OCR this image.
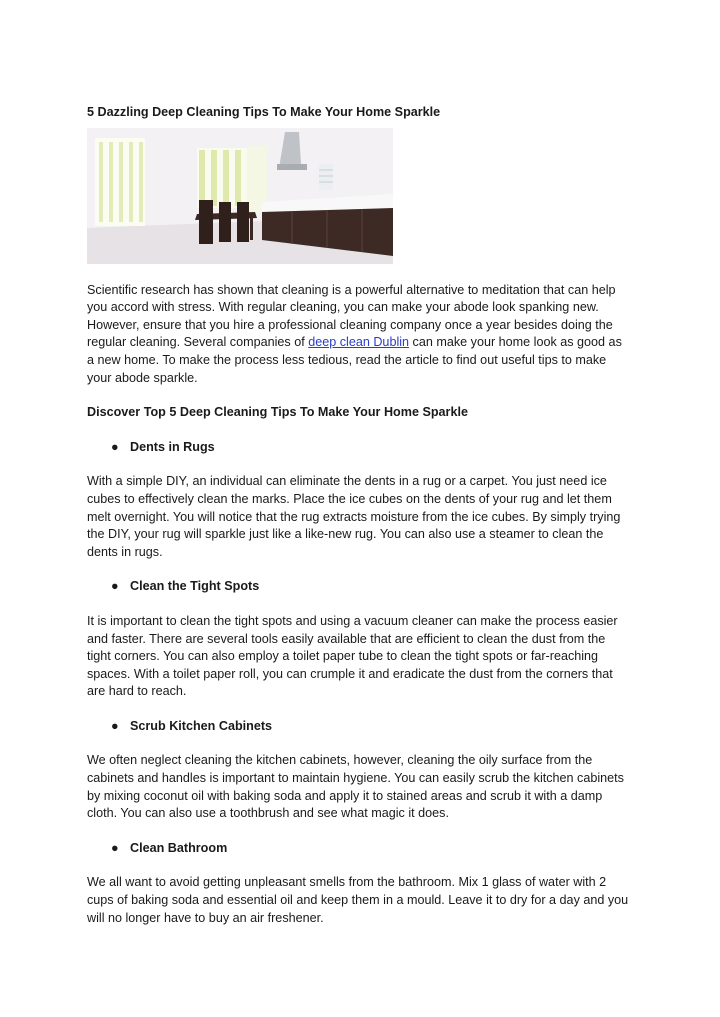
5 Dazzling Deep Cleaning Tips To Make Your Home Sparkle

Scientific research has shown that cleaning is a powerful alternative to meditation that can help you accord with stress. With regular cleaning, you can make your abode look spanking new. However, ensure that you hire a professional cleaning company once a year besides doing the regular cleaning. Several companies of deep clean Dublin can make your home look as good as a new home. To make the process less tedious, read the article to find out useful tips to make your abode sparkle.

Discover Top 5 Deep Cleaning Tips To Make Your Home Sparkle

● Dents in Rugs

With a simple DIY, an individual can eliminate the dents in a rug or a carpet. You just need ice cubes to effectively clean the marks. Place the ice cubes on the dents of your rug and let them melt overnight. You will notice that the rug extracts moisture from the ice cubes. By simply trying the DIY, your rug will sparkle just like a like-new rug. You can also use a steamer to clean the dents in rugs.

● Clean the Tight Spots

It is important to clean the tight spots and using a vacuum cleaner can make the process easier and faster. There are several tools easily available that are efficient to clean the dust from the tight corners. You can also employ a toilet paper tube to clean the tight spots or far-reaching spaces. With a toilet paper roll, you can crumple it and eradicate the dust from the corners that are hard to reach.

● Scrub Kitchen Cabinets

We often neglect cleaning the kitchen cabinets, however, cleaning the oily surface from the cabinets and handles is important to maintain hygiene. You can easily scrub the kitchen cabinets by mixing coconut oil with baking soda and apply it to stained areas and scrub it with a damp cloth. You can also use a toothbrush and see what magic it does.

● Clean Bathroom

We all want to avoid getting unpleasant smells from the bathroom. Mix 1 glass of water with 2 cups of baking soda and essential oil and keep them in a mould. Leave it to dry for a day and you will no longer have to buy an air freshener.
